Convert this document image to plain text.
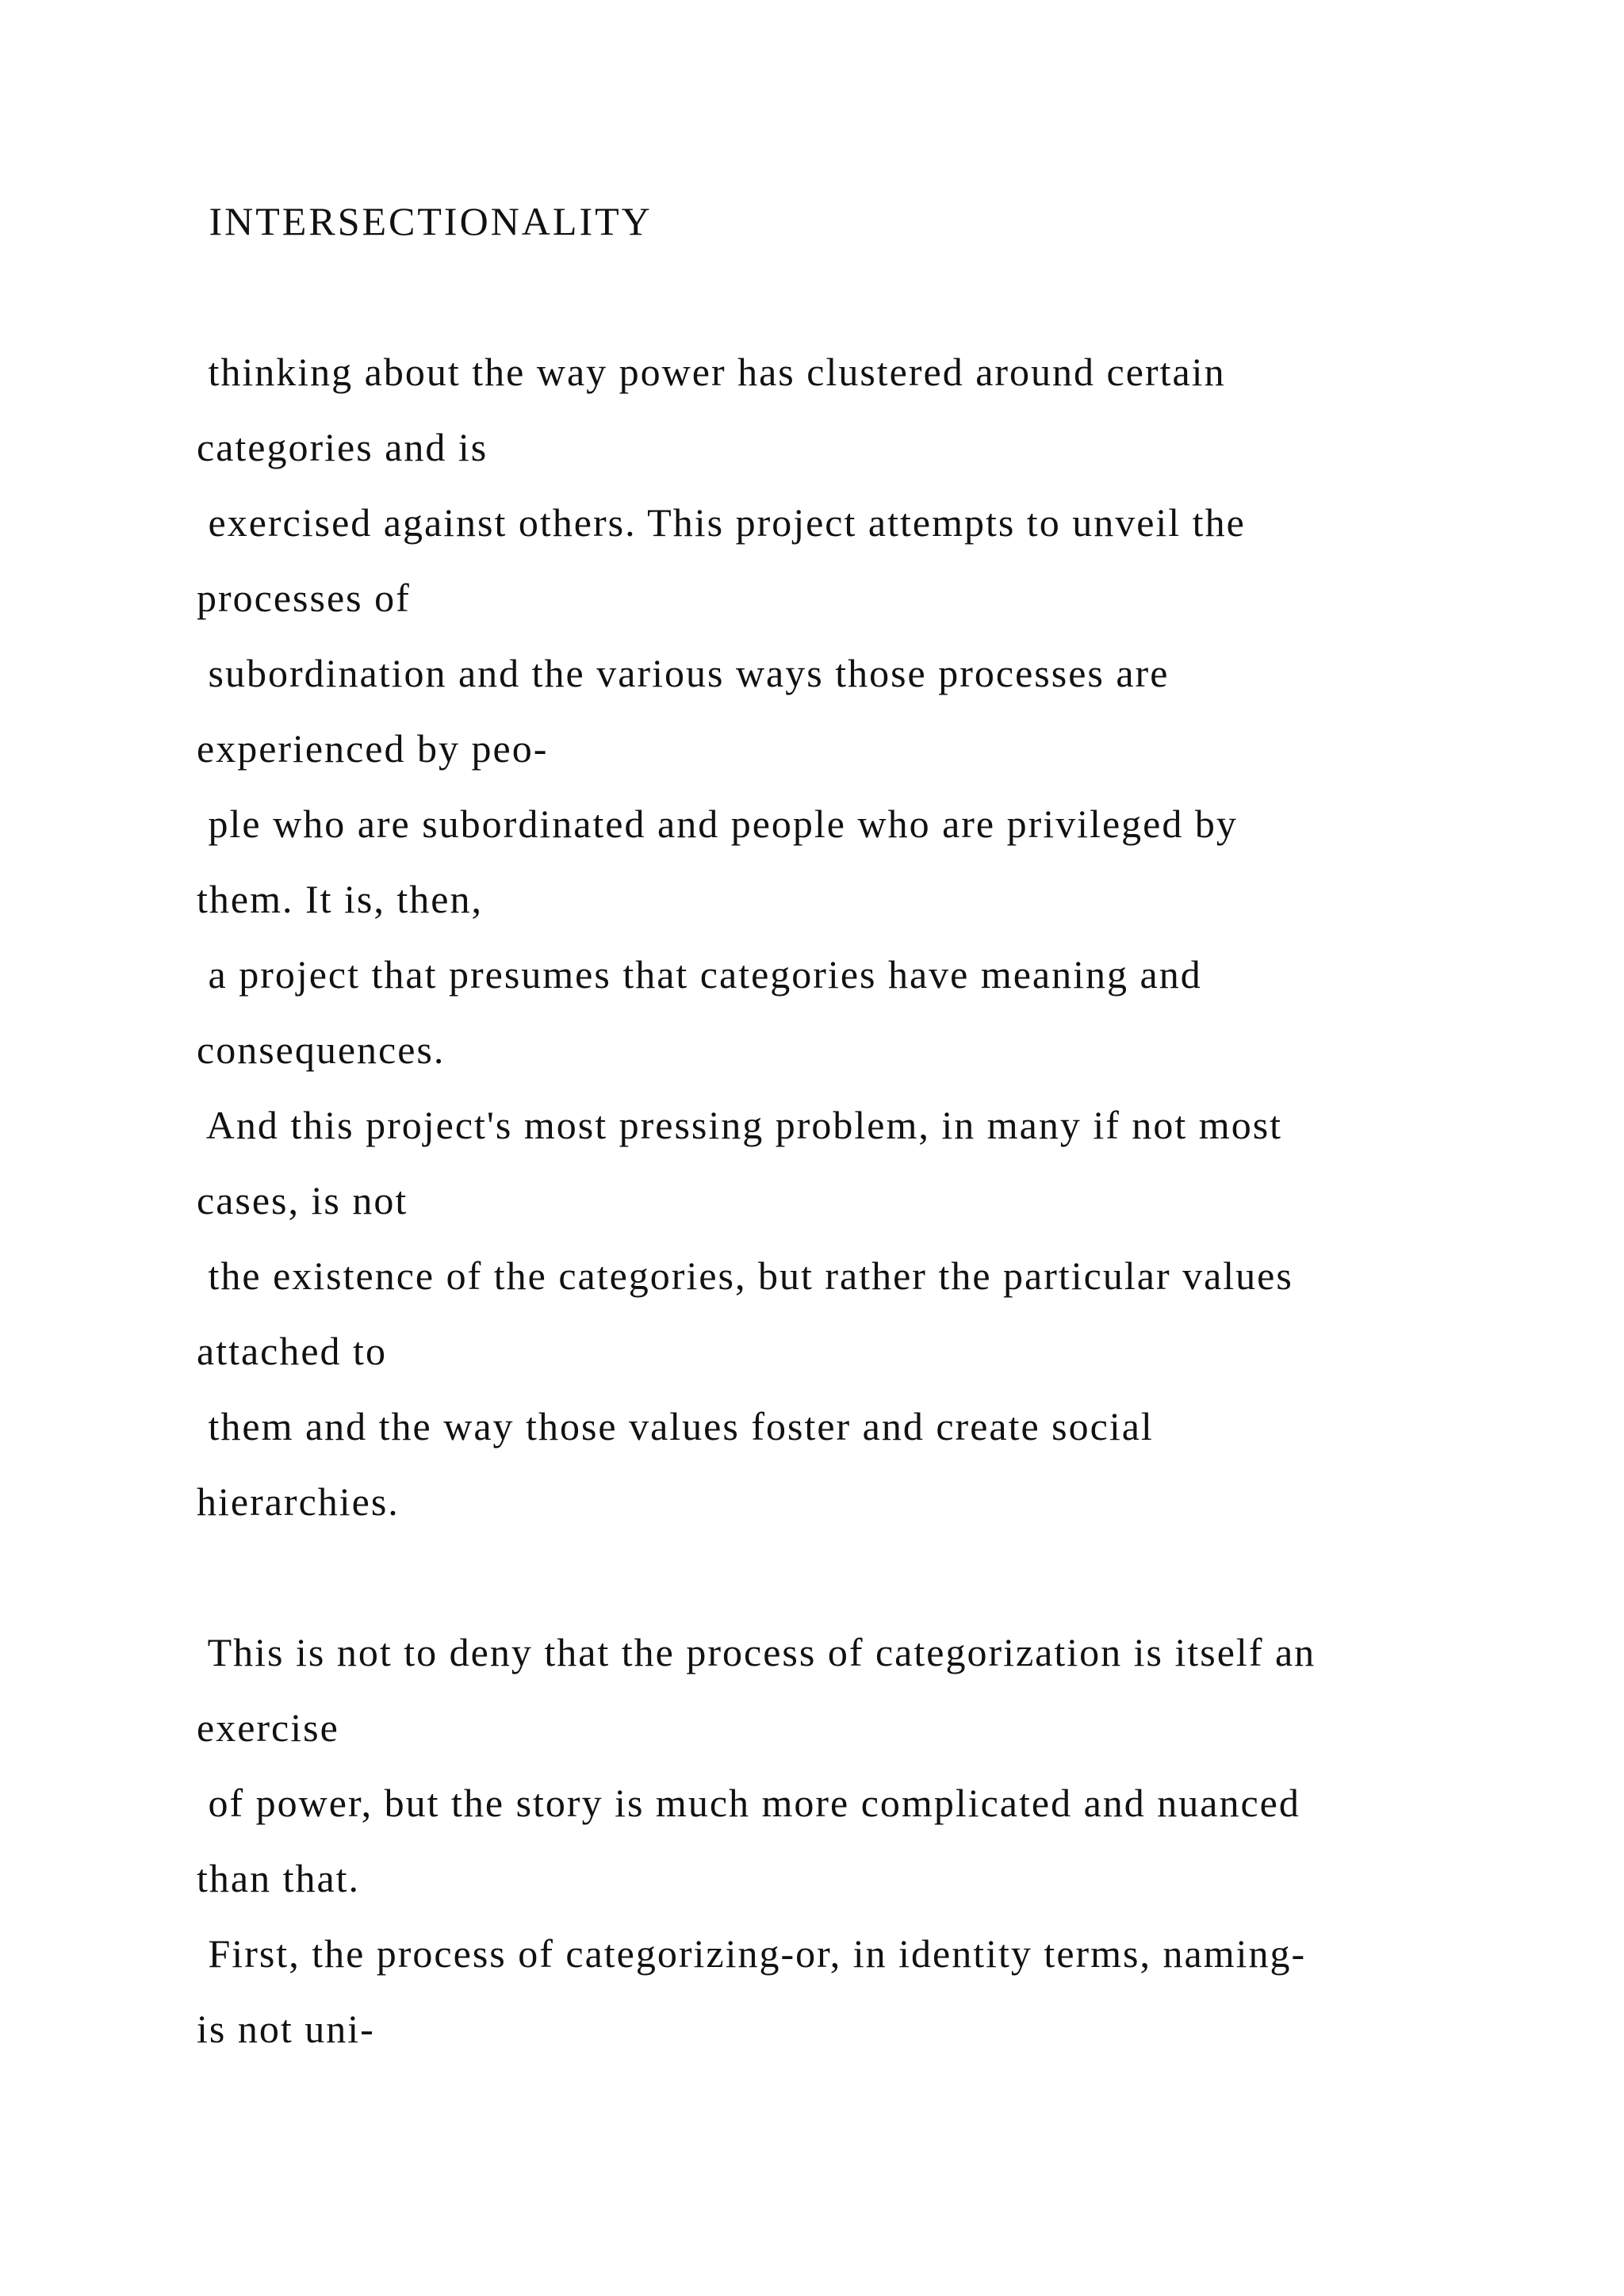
INTERSECTIONALITY
thinking about the way power has clustered around certain
categories and is
exercised against others. This project attempts to unveil the
processes of
subordination and the various ways those processes are
experienced by peo-
ple who are subordinated and people who are privileged by
them. It is, then,
a project that presumes that categories have meaning and
consequences.
And this project's most pressing problem, in many if not most
cases, is not
the existence of the categories, but rather the particular values
attached to
them and the way those values foster and create social
hierarchies.
This is not to deny that the process of categorization is itself an
exercise
of power, but the story is much more complicated and nuanced
than that.
First, the process of categorizing-or, in identity terms, naming-
is not uni-
